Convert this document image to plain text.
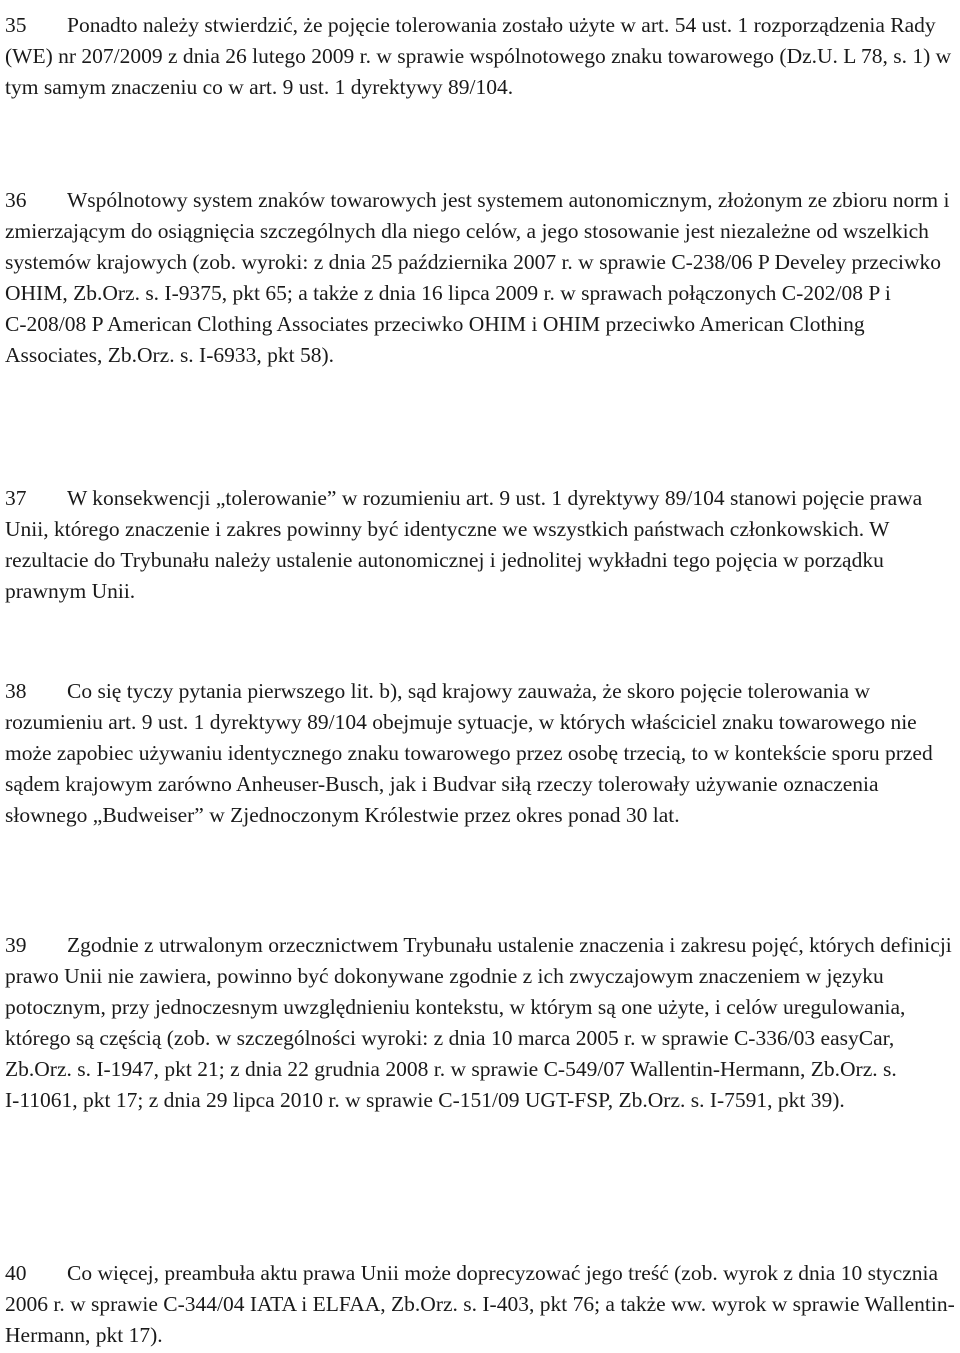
35 Ponadto należy stwierdzić, że pojęcie tolerowania zostało użyte w art. 54 ust. 1 rozporządzenia Rady (WE) nr 207/2009 z dnia 26 lutego 2009 r. w sprawie wspólnotowego znaku towarowego (Dz.U. L 78, s. 1) w tym samym znaczeniu co w art. 9 ust. 1 dyrektywy 89/104.

36 Wspólnotowy system znaków towarowych jest systemem autonomicznym, złożonym ze zbioru norm i zmierzającym do osiągnięcia szczególnych dla niego celów, a jego stosowanie jest niezależne od wszelkich systemów krajowych (zob. wyroki: z dnia 25 października 2007 r. w sprawie C‑238/06 P Develey przeciwko OHIM, Zb.Orz. s. I‑9375, pkt 65; a także z dnia 16 lipca 2009 r. w sprawach połączonych C‑202/08 P i C‑208/08 P American Clothing Associates przeciwko OHIM i OHIM przeciwko American Clothing Associates, Zb.Orz. s. I‑6933, pkt 58).

37 W konsekwencji „tolerowanie” w rozumieniu art. 9 ust. 1 dyrektywy 89/104 stanowi pojęcie prawa Unii, którego znaczenie i zakres powinny być identyczne we wszystkich państwach członkowskich. W rezultacie do Trybunału należy ustalenie autonomicznej i jednolitej wykładni tego pojęcia w porządku prawnym Unii.

38 Co się tyczy pytania pierwszego lit. b), sąd krajowy zauważa, że skoro pojęcie tolerowania w rozumieniu art. 9 ust. 1 dyrektywy 89/104 obejmuje sytuacje, w których właściciel znaku towarowego nie może zapobiec używaniu identycznego znaku towarowego przez osobę trzecią, to w kontekście sporu przed sądem krajowym zarówno Anheuser-Busch, jak i Budvar siłą rzeczy tolerowały używanie oznaczenia słownego „Budweiser” w Zjednoczonym Królestwie przez okres ponad 30 lat.

39 Zgodnie z utrwalonym orzecznictwem Trybunału ustalenie znaczenia i zakresu pojęć, których definicji prawo Unii nie zawiera, powinno być dokonywane zgodnie z ich zwyczajowym znaczeniem w języku potocznym, przy jednoczesnym uwzględnieniu kontekstu, w którym są one użyte, i celów uregulowania, którego są częścią (zob. w szczególności wyroki: z dnia 10 marca 2005 r. w sprawie C‑336/03 easyCar, Zb.Orz. s. I‑1947, pkt 21; z dnia 22 grudnia 2008 r. w sprawie C‑549/07 Wallentin-Hermann, Zb.Orz. s. I‑11061, pkt 17; z dnia 29 lipca 2010 r. w sprawie C‑151/09 UGT-FSP, Zb.Orz. s. I‑7591, pkt 39).

40 Co więcej, preambuła aktu prawa Unii może doprecyzować jego treść (zob. wyrok z dnia 10 stycznia 2006 r. w sprawie C‑344/04 IATA i ELFAA, Zb.Orz. s. I‑403, pkt 76; a także ww. wyrok w sprawie Wallentin-Hermann, pkt 17).
